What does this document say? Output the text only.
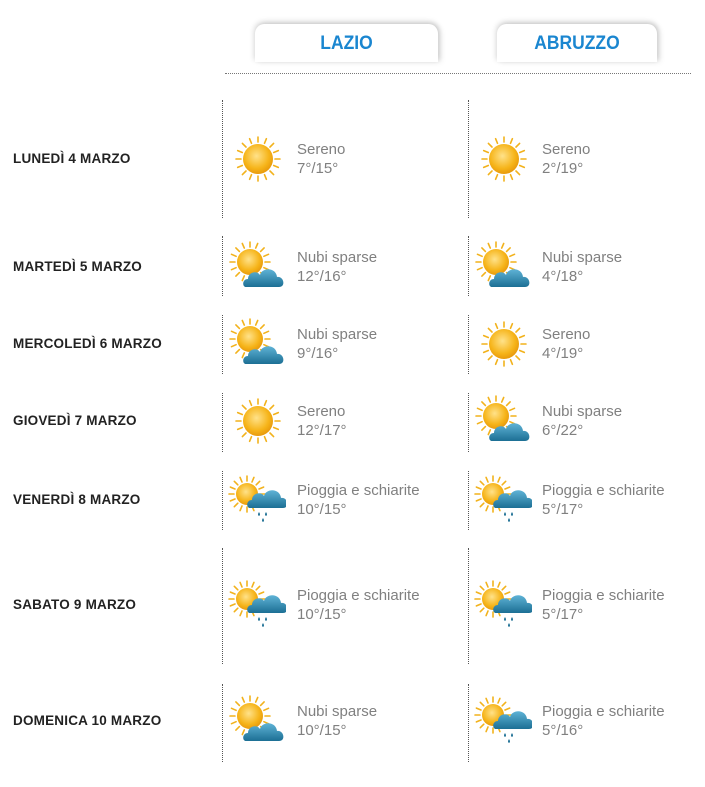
LAZIO	ABRUZZO
LUNEDÌ 4 MARZO
Sereno
7°/15°
Sereno
2°/19°
MARTEDÌ 5 MARZO
Nubi sparse
12°/16°
Nubi sparse
4°/18°
MERCOLEDÌ 6 MARZO
Nubi sparse
9°/16°
Sereno
4°/19°
GIOVEDÌ 7 MARZO
Sereno
12°/17°
Nubi sparse
6°/22°
VENERDÌ 8 MARZO
Pioggia e schiarite
10°/15°
Pioggia e schiarite
5°/17°
SABATO 9 MARZO
Pioggia e schiarite
10°/15°
Pioggia e schiarite
5°/17°
DOMENICA 10 MARZO
Nubi sparse
10°/15°
Pioggia e schiarite
5°/16°
